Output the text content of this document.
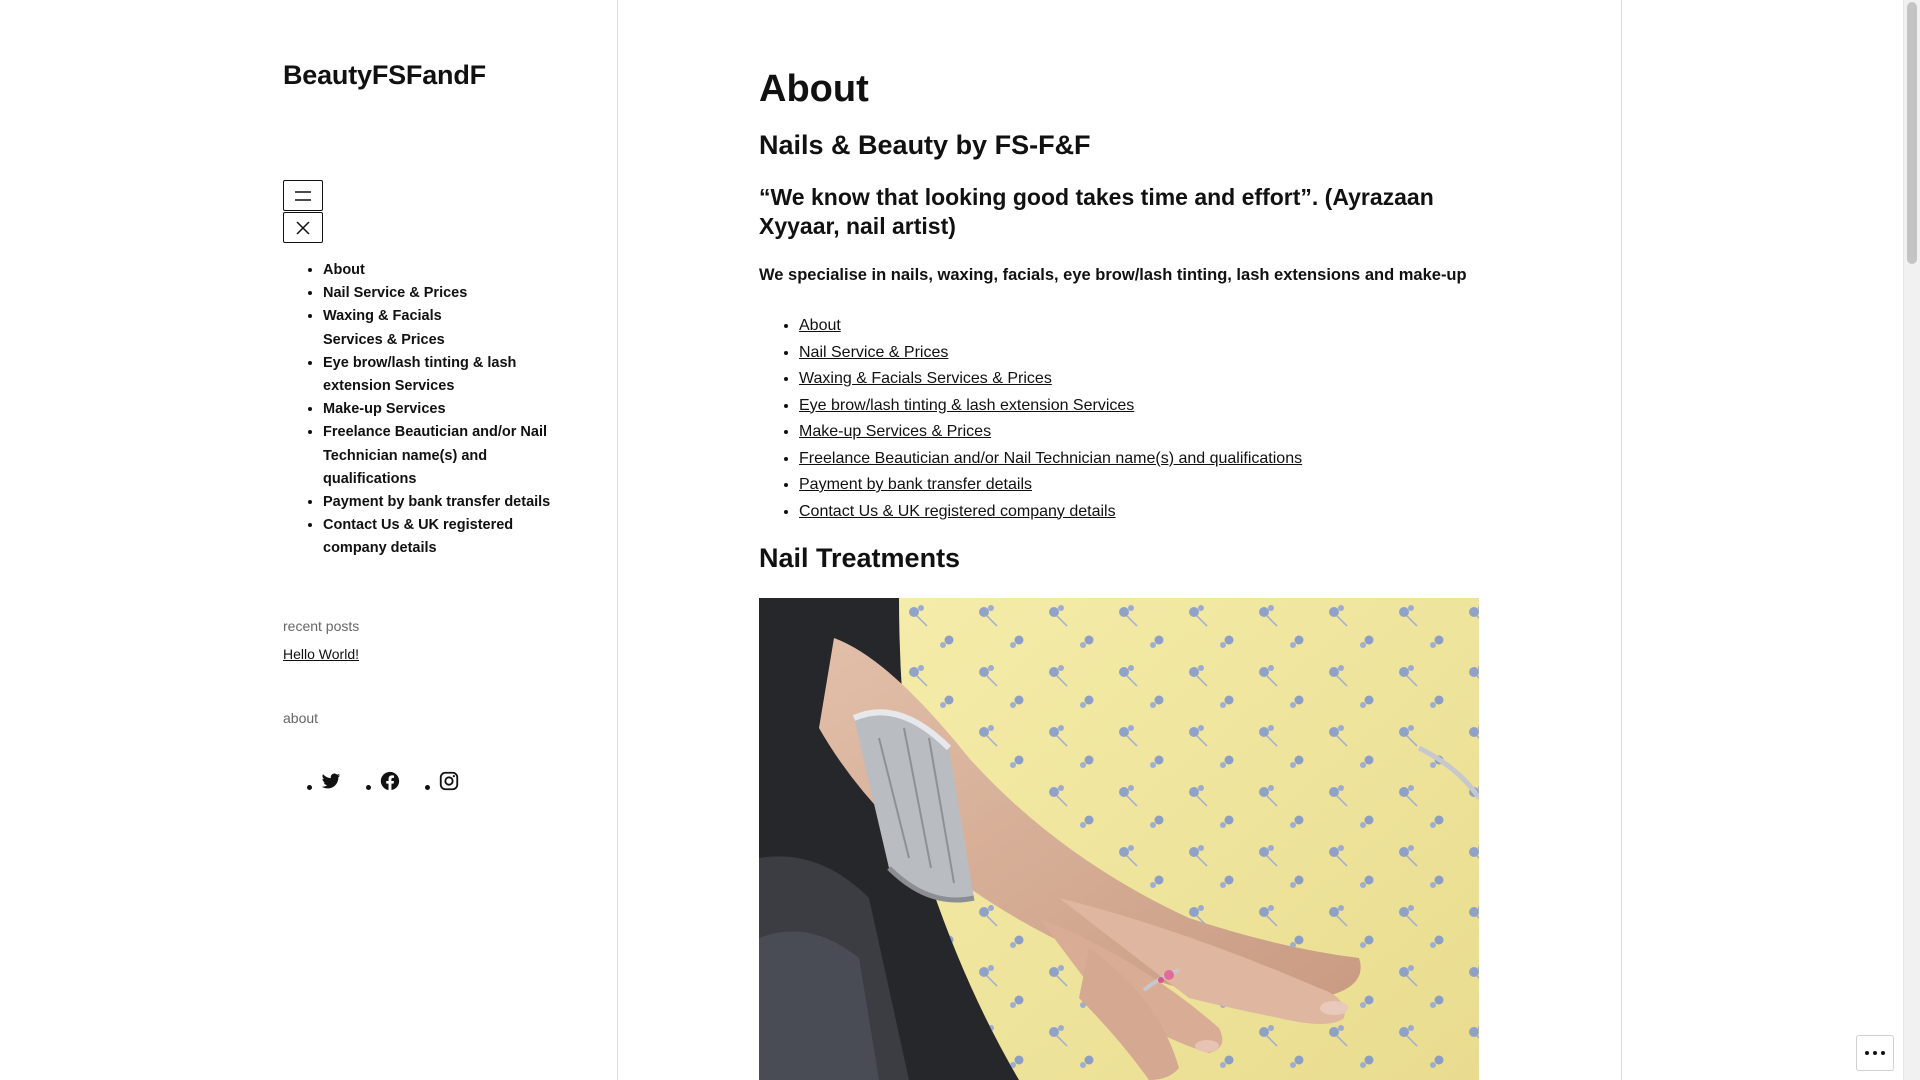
BeautyFSFandF
• About
• Nail Service & Prices
• Waxing & Facials Services & Prices
• Eye brow/lash tinting & lash extension Services
• Make-up Services
• Freelance Beautician and/or Nail Technician name(s) and qualifications
• Payment by bank transfer details
• Contact Us & UK registered company details
recent posts
Hello World!
about
About
Nails & Beauty by FS-F&F
“We know that looking good takes time and effort”. (Ayrazaan Xyyaar, nail artist)

We specialise in nails, waxing, facials, eye brow/lash tinting, lash extensions and make-up

• About
• Nail Service & Prices
• Waxing & Facials Services & Prices
• Eye brow/lash tinting & lash extension Services
• Make-up Services & Prices
• Freelance Beautician and/or Nail Technician name(s) and qualifications
• Payment by bank transfer details
• Contact Us & UK registered company details
Nail Treatments
